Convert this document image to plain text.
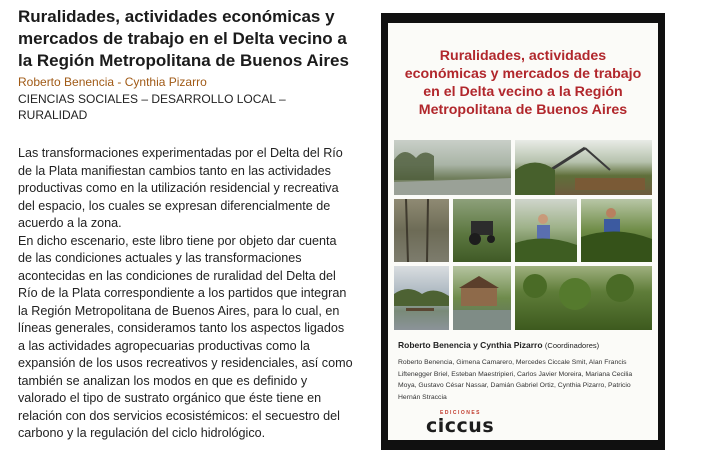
Ruralidades, actividades económicas y mercados de trabajo en el Delta vecino a la Región Metropolitana de Buenos Aires
Roberto Benencia - Cynthia Pizarro
CIENCIAS SOCIALES – DESARROLLO LOCAL – RURALIDAD

Las transformaciones experimentadas por el Delta del Río de la Plata manifiestan cambios tanto en las actividades productivas como en la utilización residencial y recreativa del espacio, los cuales se expresan diferencialmente de acuerdo a la zona.

En dicho escenario, este libro tiene por objeto dar cuenta de las condiciones actuales y las transformaciones acontecidas en las condiciones de ruralidad del Delta del Río de la Plata correspondiente a los partidos que integran la Región Metropolitana de Buenos Aires, para lo cual, en líneas generales, consideramos tanto los aspectos ligados a las actividades agropecuarias productivas como la expansión de los usos recreativos y residenciales, así como también se analizan los modos en que es definido y valorado el tipo de sustrato orgánico que éste tiene en relación con dos servicios ecosistémicos: el secuestro del carbono y la regulación del ciclo hidrológico.

Ruralidades, actividades económicas y mercados de trabajo en el Delta vecino a la Región Metropolitana de Buenos Aires
Roberto Benencia y Cynthia Pizarro (Coordinadores)
Roberto Benencia, Gimena Camarero, Mercedes Ciccale Smit, Alan Francis Liftenegger Briel, Esteban Maestripieri, Carlos Javier Moreira, Mariana Cecilia Moya, Gustavo César Nassar, Damián Gabriel Ortiz, Cynthia Pizarro, Patricio Hernán Straccia
EDICIONES
ciccus
